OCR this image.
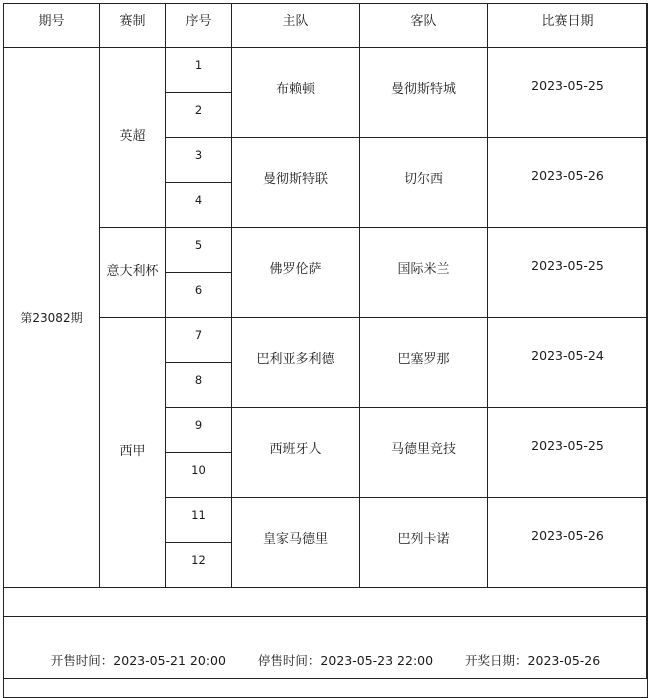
期号	赛制	序号	主队	客队	比赛日期
第23082期	英超	1	布赖顿	曼彻斯特城	2023-05-25
		2			
		3	曼彻斯特联	切尔西	2023-05-26
		4			
	意大利杯	5	佛罗伦萨	国际米兰	2023-05-25
		6			
	西甲	7	巴利亚多利德	巴塞罗那	2023-05-24
		8			
		9	西班牙人	马德里竞技	2023-05-25
		10			
		11	皇家马德里	巴列卡诺	2023-05-26
		12			

开售时间：2023-05-21 20:00 停售时间：2023-05-23 22:00 开奖日期：2023-05-26					
